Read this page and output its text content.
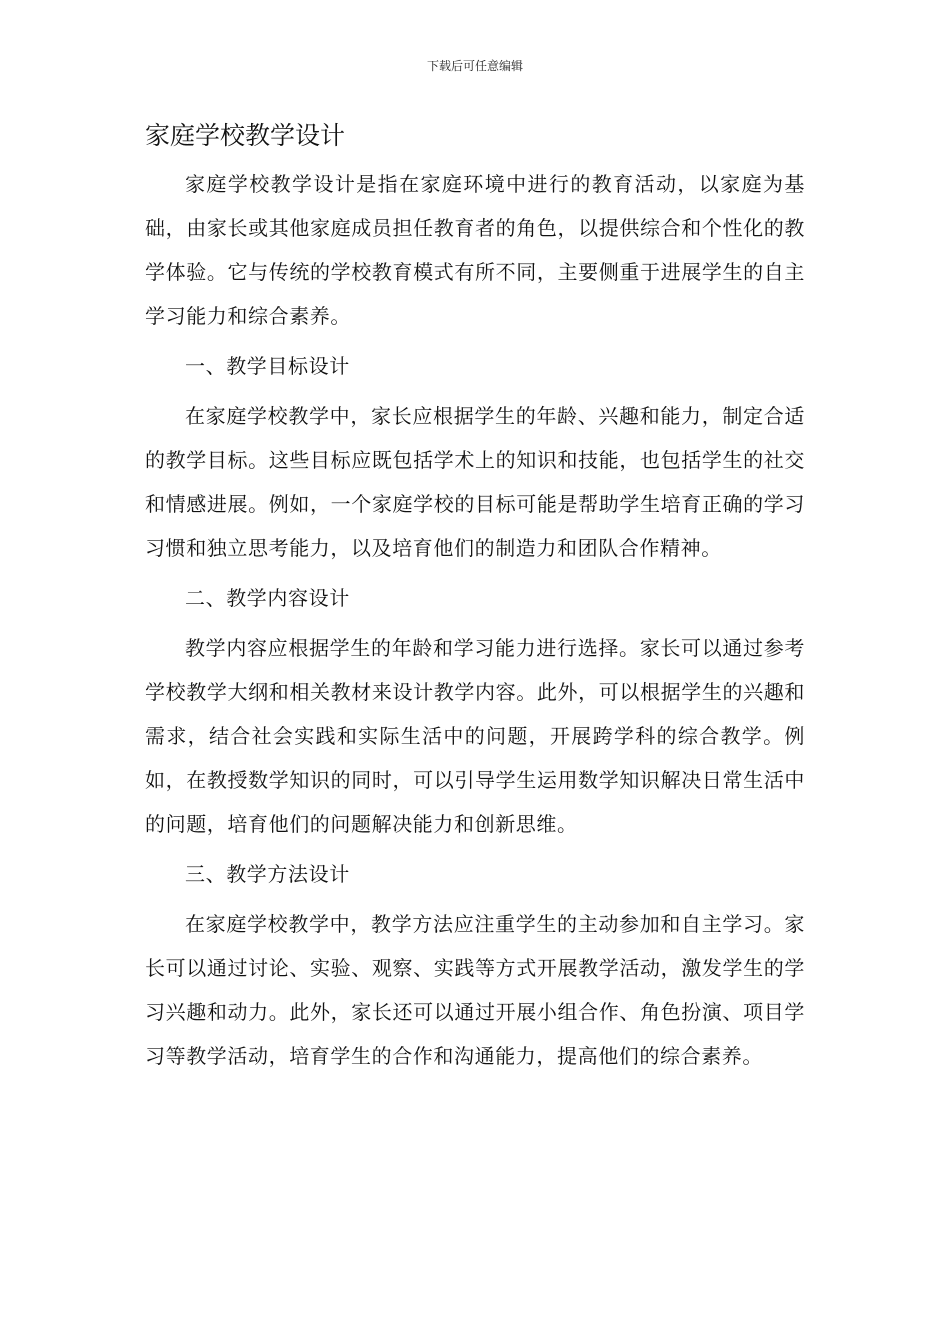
下载后可任意编辑
家庭学校教学设计

家庭学校教学设计是指在家庭环境中进行的教育活动，以家庭为基础，由家长或其他家庭成员担任教育者的角色，以提供综合和个性化的教学体验。它与传统的学校教育模式有所不同，主要侧重于进展学生的自主学习能力和综合素养。

一、教学目标设计

在家庭学校教学中，家长应根据学生的年龄、兴趣和能力，制定合适的教学目标。这些目标应既包括学术上的知识和技能，也包括学生的社交和情感进展。例如，一个家庭学校的目标可能是帮助学生培育正确的学习习惯和独立思考能力，以及培育他们的制造力和团队合作精神。

二、教学内容设计

教学内容应根据学生的年龄和学习能力进行选择。家长可以通过参考学校教学大纲和相关教材来设计教学内容。此外，可以根据学生的兴趣和需求，结合社会实践和实际生活中的问题，开展跨学科的综合教学。例如，在教授数学知识的同时，可以引导学生运用数学知识解决日常生活中的问题，培育他们的问题解决能力和创新思维。

三、教学方法设计

在家庭学校教学中，教学方法应注重学生的主动参加和自主学习。家长可以通过讨论、实验、观察、实践等方式开展教学活动，激发学生的学习兴趣和动力。此外，家长还可以通过开展小组合作、角色扮演、项目学习等教学活动，培育学生的合作和沟通能力，提高他们的综合素养。
